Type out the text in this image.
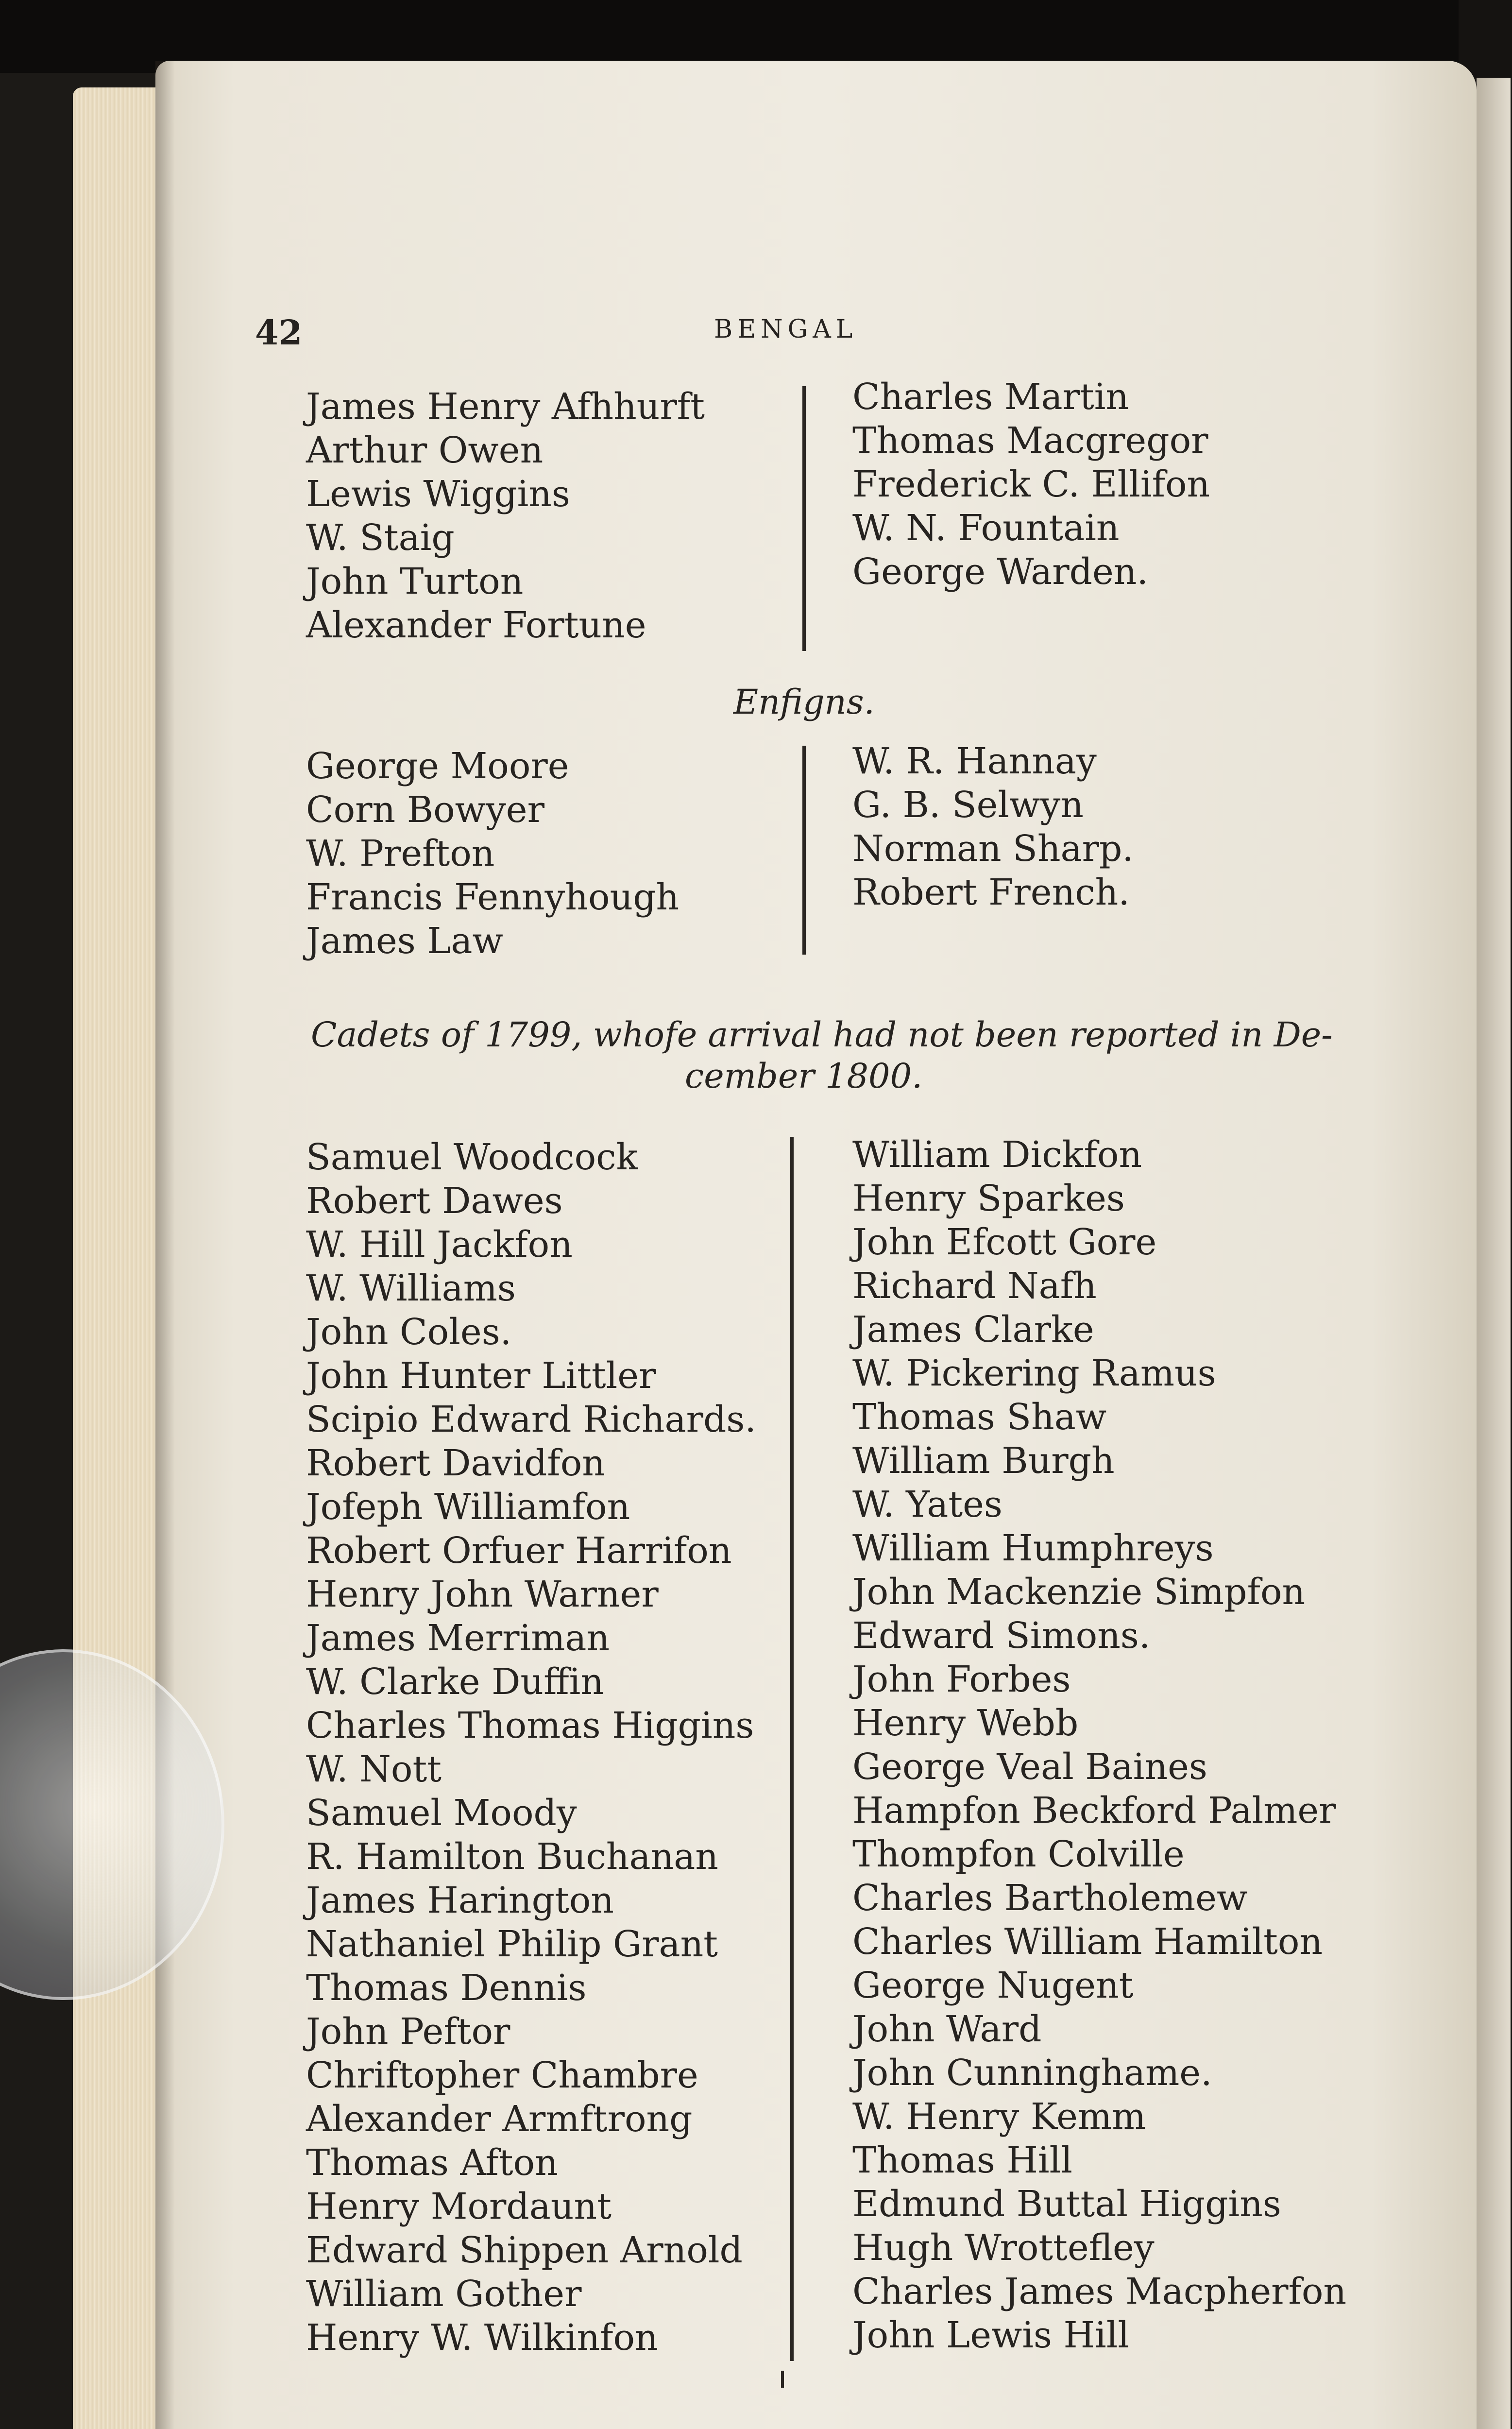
42	BENGAL
James Henry Afhhurft
Arthur Owen
Lewis Wiggins
W. Staig
John Turton
Alexander Fortune
Charles Martin
Thomas Macgregor
Frederick C. Ellifon
W. N. Fountain
George Warden.
Enfigns.
George Moore
Corn Bowyer
W. Prefton
Francis Fennyhough
James Law
W. R. Hannay
G. B. Selwyn
Norman Sharp.
Robert French.
Cadets of 1799, whofe arrival had not been reported in De-
cember 1800.
Samuel Woodcock
Robert Dawes
W. Hill Jackfon
W. Williams
John Coles.
John Hunter Littler
Scipio Edward Richards.
Robert Davidfon
Jofeph Williamfon
Robert Orfuer Harrifon
Henry John Warner
James Merriman
W. Clarke Duffin
Charles Thomas Higgins
W. Nott
Samuel Moody
R. Hamilton Buchanan
James Harington
Nathaniel Philip Grant
Thomas Dennis
John Peftor
Chriftopher Chambre
Alexander Armftrong
Thomas Afton
Henry Mordaunt
Edward Shippen Arnold
William Gother
Henry W. Wilkinfon
William Dickfon
Henry Sparkes
John Efcott Gore
Richard Nafh
James Clarke
W. Pickering Ramus
Thomas Shaw
William Burgh
W. Yates
William Humphreys
John Mackenzie Simpfon
Edward Simons.
John Forbes
Henry Webb
George Veal Baines
Hampfon Beckford Palmer
Thompfon Colville
Charles Bartholemew
Charles William Hamilton
George Nugent
John Ward
John Cunninghame.
W. Henry Kemm
Thomas Hill
Edmund Buttal Higgins
Hugh Wrottefley
Charles James Macpherfon
John Lewis Hill
